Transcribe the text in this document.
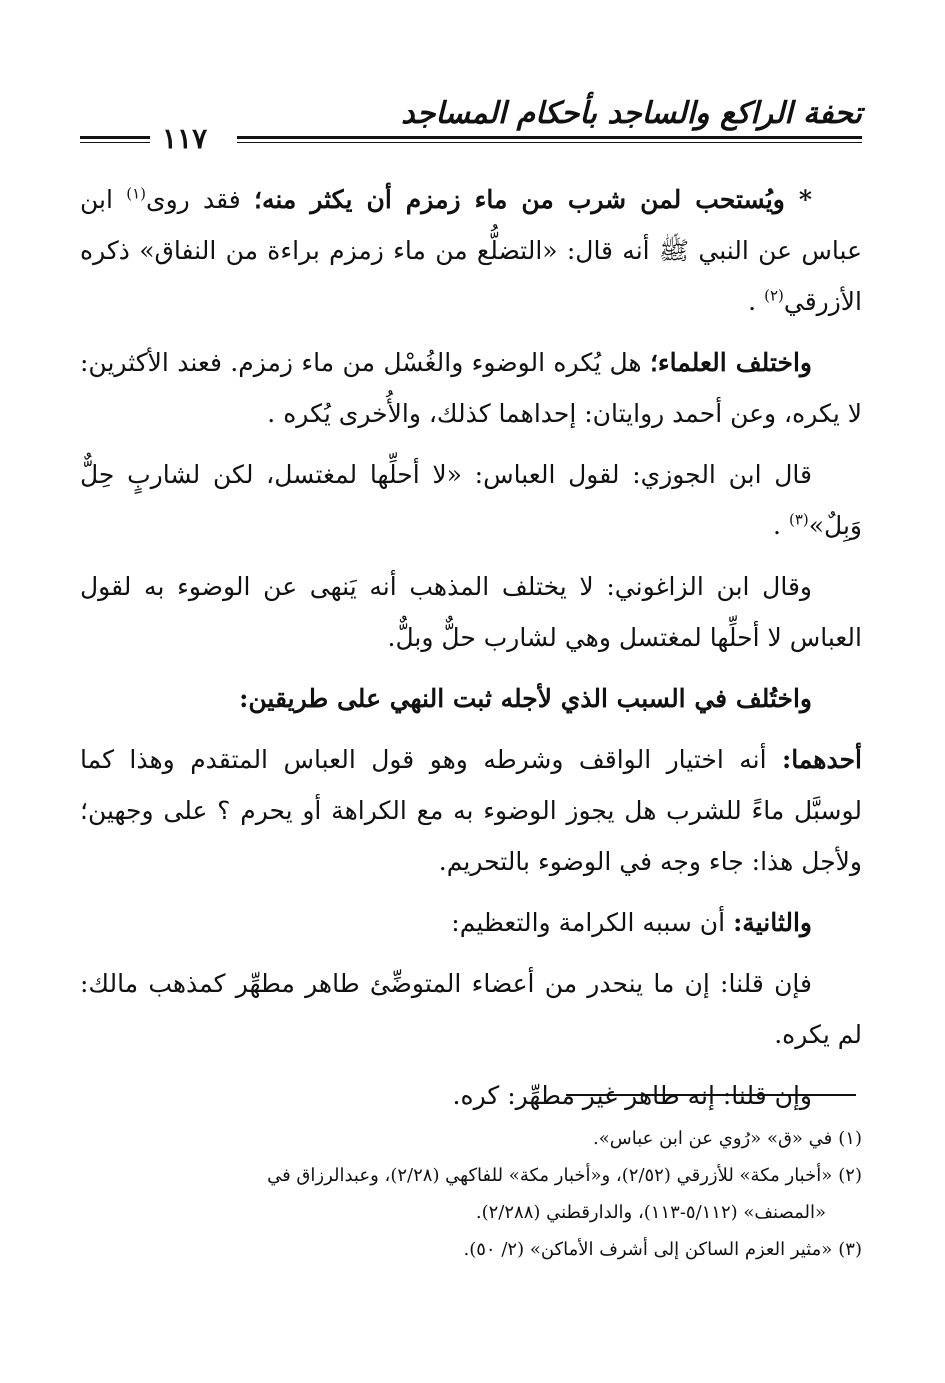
تحفة الراكع والساجد بأحكام المساجد
١١٧

* ويُستحب لمن شرب من ماء زمزم أن يكثر منه؛ فقد روى$^{(١)}$ ابن عباس عن النبي ﷺ أنه قال: «التضلُّع من ماء زمزم براءة من النفاق» ذكره الأزرقي$^{(٢)}$ .

واختلف العلماء؛ هل يُكره الوضوء والغُسْل من ماء زمزم. فعند الأكثرين: لا يكره، وعن أحمد روايتان: إحداهما كذلك، والأُخرى يُكره .

قال ابن الجوزي: لقول العباس: «لا أحلِّها لمغتسل، لكن لشاربٍ حِلٌّ وَبِلٌ»$^{(٣)}$ .

وقال ابن الزاغوني: لا يختلف المذهب أنه يَنهى عن الوضوء به لقول العباس لا أحلِّها لمغتسل وهي لشارب حلٌّ وبلٌّ.

واختُلف في السبب الذي لأجله ثبت النهي على طريقين:

أحدهما: أنه اختيار الواقف وشرطه وهو قول العباس المتقدم وهذا كما لوسبَّل ماءً للشرب هل يجوز الوضوء به مع الكراهة أو يحرم ؟ على وجهين؛ ولأجل هذا: جاء وجه في الوضوء بالتحريم.

والثانية: أن سببه الكرامة والتعظيم:

فإن قلنا: إن ما ينحدر من أعضاء المتوضِّئ طاهر مطهِّر كمذهب مالك: لم يكره.

وإن قلنا: إنه طاهر غير مطهِّر: كره.

(١)في «ق» «رُوي عن ابن عباس».

(٢)«أخبار مكة» للأزرقي (٢/٥٢)، و«أخبار مكة» للفاكهي (٢/٢٨)، وعبدالرزاق في
«المصنف» (٥/١١٢-١١٣)، والدارقطني (٢/٢٨٨).

(٣)«مثير العزم الساكن إلى أشرف الأماكن» (٢/ ٥٠).
